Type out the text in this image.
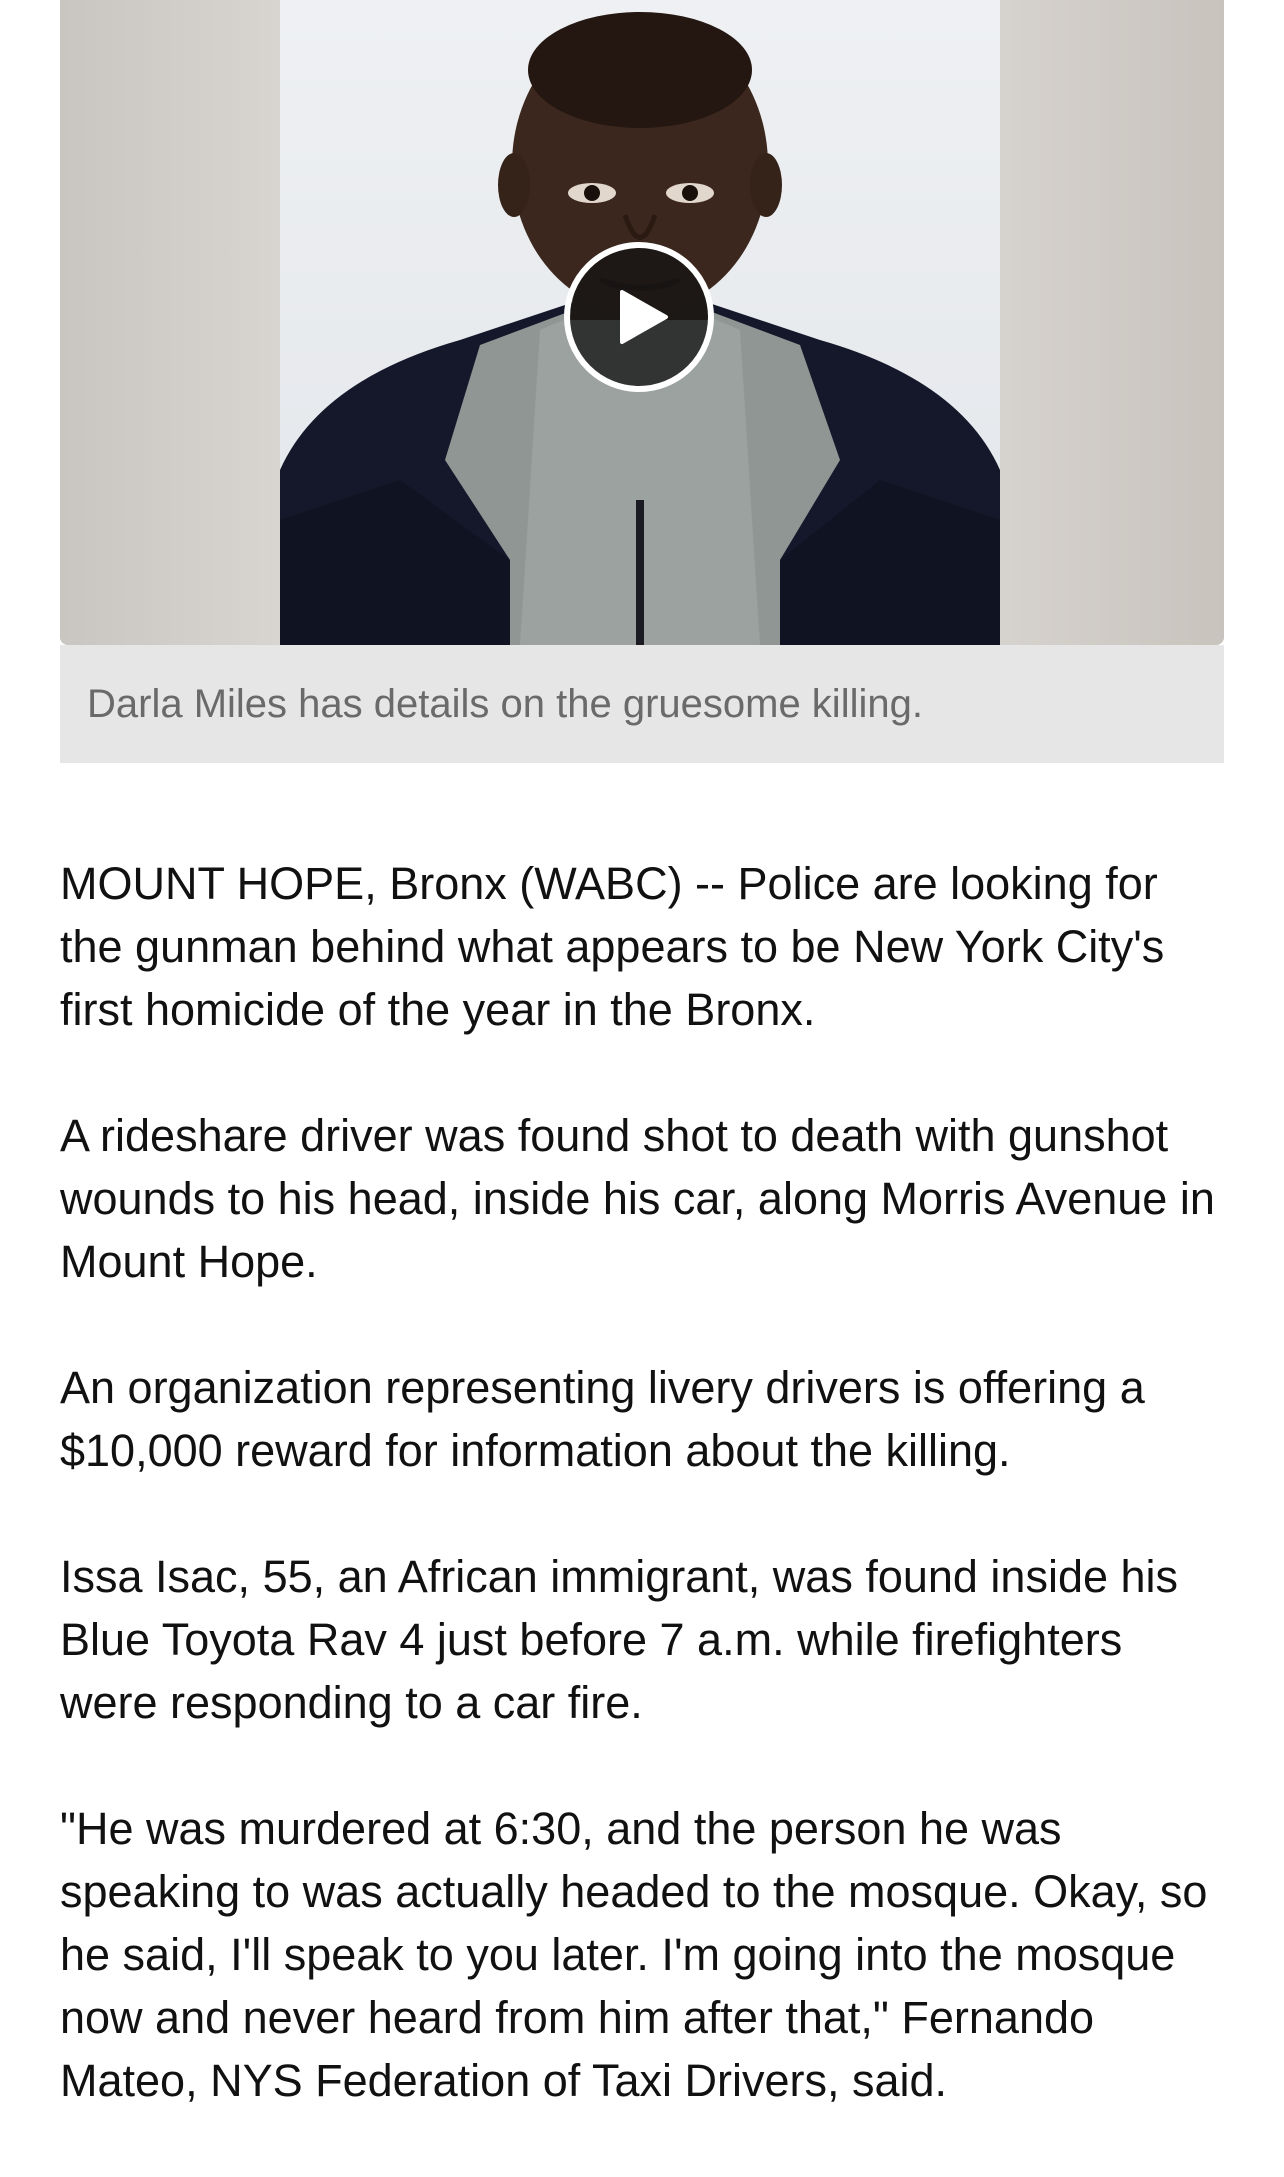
Darla Miles has details on the gruesome killing.

MOUNT HOPE, Bronx (WABC) -- Police are looking for the gunman behind what appears to be New York City's first homicide of the year in the Bronx.

A rideshare driver was found shot to death with gunshot wounds to his head, inside his car, along Morris Avenue in Mount Hope.

An organization representing livery drivers is offering a $10,000 reward for information about the killing.

Issa Isac, 55, an African immigrant, was found inside his Blue Toyota Rav 4 just before 7 a.m. while firefighters were responding to a car fire.

"He was murdered at 6:30, and the person he was speaking to was actually headed to the mosque. Okay, so he said, I'll speak to you later. I'm going into the mosque now and never heard from him after that," Fernando Mateo, NYS Federation of Taxi Drivers, said.
